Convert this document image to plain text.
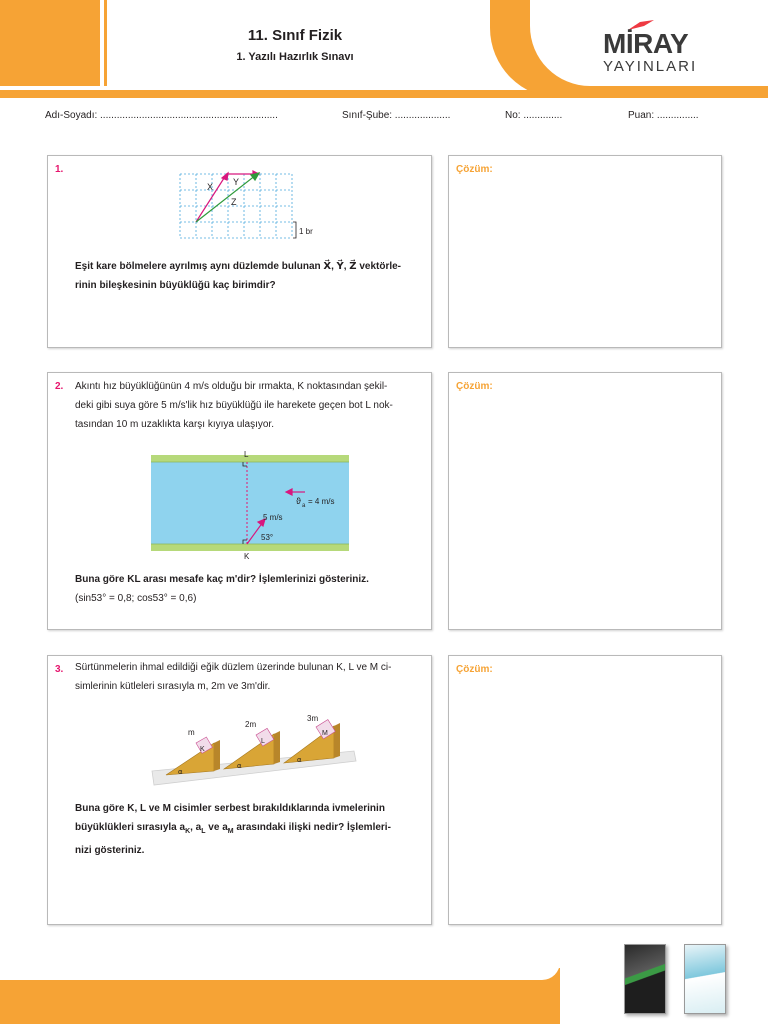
11. Sınıf Fizik
1. Yazılı Hazırlık Sınavı	MİRAY
YAYINLARI
Adı-Soyadı: ................................................................	Sınıf-Şube: ....................	No: ..............	Puan: ...............
1.
X Y
Z
1 br
Eşit kare bölmelere ayrılmış aynı düzlemde bulunan X⃗, Y⃗, Z⃗ vektörle-
rinin bileşkesinin büyüklüğü kaç birimdir?
Çözüm:
2. Akıntı hız büyüklüğünün 4 m/s olduğu bir ırmakta, K noktasından şekil-
deki gibi suya göre 5 m/s'lik hız büyüklüğü ile harekete geçen bot L nok-
tasından 10 m uzaklıkta karşı kıyıya ulaşıyor.
L
K
5 m/s
53°
ϑ a = 4 m/s
Buna göre KL arası mesafe kaç m'dir? İşlemlerinizi gösteriniz.
(sin53° = 0,8; cos53° = 0,6)
Çözüm:
3. Sürtünmelerin ihmal edildiği eğik düzlem üzerinde bulunan K, L ve M ci-
simlerinin kütleleri sırasıyla m, 2m ve 3m'dir.
K
L
M
m
2m
3m
α
α
α
Buna göre K, L ve M cisimler serbest bırakıldıklarında ivmelerinin
büyüklükleri sırasıyla $a_K$, $a_L$ ve $a_M$ arasındaki ilişki nedir? İşlemleri-
nizi gösteriniz.
Çözüm:
